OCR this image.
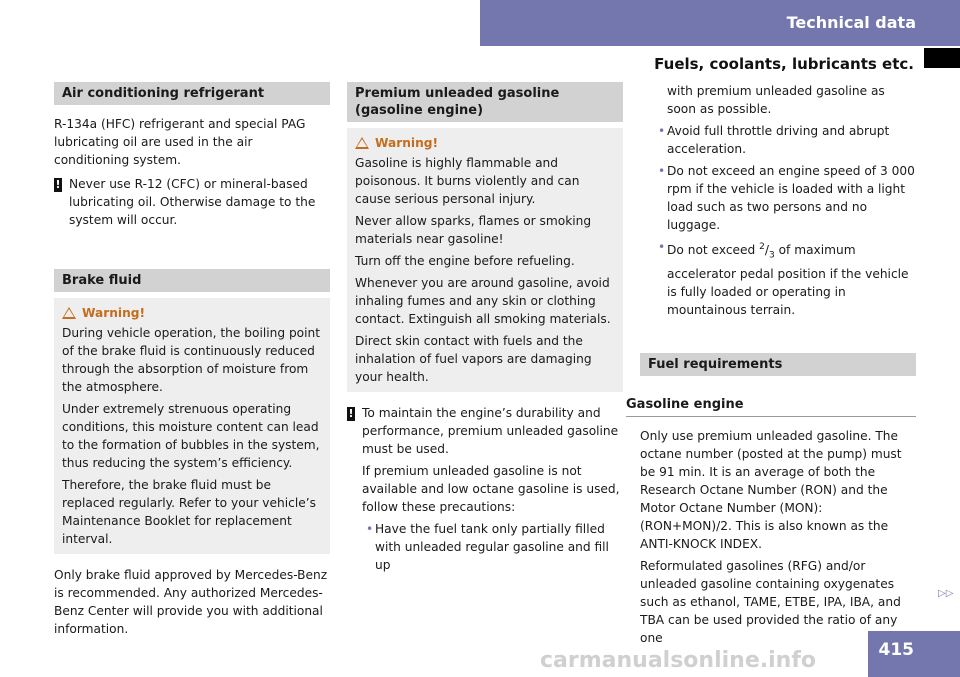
Technical data
Fuels, coolants, lubricants etc.
Air conditioning refrigerant

R-134a (HFC) refrigerant and special PAG lubricating oil are used in the air conditioning system.

! Never use R-12 (CFC) or mineral-based lubricating oil. Otherwise damage to the system will occur.
Brake fluid
Warning!

During vehicle operation, the boiling point of the brake fluid is continuously reduced through the absorption of moisture from the atmosphere.

Under extremely strenuous operating conditions, this moisture content can lead to the formation of bubbles in the system, thus reducing the system’s efficiency.

Therefore, the brake fluid must be replaced regularly. Refer to your vehicle’s Maintenance Booklet for replacement interval.

Only brake fluid approved by Mercedes-Benz is recommended. Any authorized Mercedes-Benz Center will provide you with additional information.

Premium unleaded gasoline (gasoline engine)
Warning!

Gasoline is highly flammable and poisonous. It burns violently and can cause serious personal injury.

Never allow sparks, flames or smoking materials near gasoline!

Turn off the engine before refueling.

Whenever you are around gasoline, avoid inhaling fumes and any skin or clothing contact. Extinguish all smoking materials.

Direct skin contact with fuels and the inhalation of fuel vapors are damaging your health.

! To maintain the engine’s durability and performance, premium unleaded gasoline must be used.

If premium unleaded gasoline is not available and low octane gasoline is used, follow these precautions:

• Have the fuel tank only partially filled with unleaded regular gasoline and fill up

with premium unleaded gasoline as soon as possible.

• Avoid full throttle driving and abrupt acceleration.
• Do not exceed an engine speed of 3 000 rpm if the vehicle is loaded with a light load such as two persons and no luggage.
• Do not exceed $^2/_3$ of maximum accelerator pedal position if the vehicle is fully loaded or operating in mountainous terrain.
Fuel requirements
Gasoline engine

Only use premium unleaded gasoline. The octane number (posted at the pump) must be 91 min. It is an average of both the Research Octane Number (RON) and the Motor Octane Number (MON): (RON+MON)/2. This is also known as the ANTI-KNOCK INDEX.

Reformulated gasolines (RFG) and/or unleaded gasoline containing oxygenates such as ethanol, TAME, ETBE, IPA, IBA, and TBA can be used provided the ratio of any one

▷▷
415
carmanualsonline.info
